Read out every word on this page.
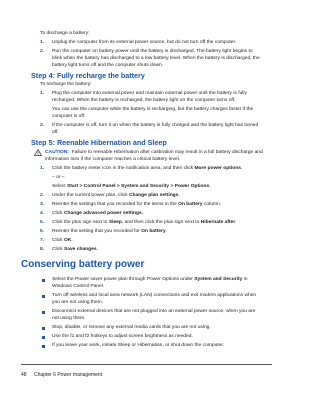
To discharge a battery:
1. Unplug the computer from its external power source, but do not turn off the computer.
2. Run the computer on battery power until the battery is discharged. The battery light begins to
blink when the battery has discharged to a low battery level. When the battery is discharged, the
battery light turns off and the computer shuts down.
Step 4: Fully recharge the battery
To recharge the battery:
1. Plug the computer into external power and maintain external power until the battery is fully
recharged. When the battery is recharged, the battery light on the computer turns off.
You can use the computer while the battery is recharging, but the battery charges faster if the
computer is off.
2. If the computer is off, turn it on when the battery is fully charged and the battery light has turned
off.
Step 5: Reenable Hibernation and Sleep
CAUTION: Failure to reenable Hibernation after calibration may result in a full battery discharge and
information loss if the computer reaches a critical battery level.
1. Click the battery meter icon in the notification area, and then click More power options.
– or –
Select Start > Control Panel > System and Security > Power Options.
2. Under the current power plan, click Change plan settings.
3. Reenter the settings that you recorded for the items in the On battery column.
4. Click Change advanced power settings.
5. Click the plus sign next to Sleep, and then click the plus sign next to Hibernate after.
6. Reenter the setting that you recorded for On battery.
7. Click OK.
8. Click Save changes.
Conserving battery power
Select the Power saver power plan through Power Options under System and Security in
Windows Control Panel.
Turn off wireless and local area network (LAN) connections and exit modem applications when
you are not using them.
Disconnect external devices that are not plugged into an external power source, when you are
not using them.
Stop, disable, or remove any external media cards that you are not using.
Use the f1 and f2 hotkeys to adjust screen brightness as needed.
If you leave your work, initiate Sleep or Hibernation, or shut down the computer.
48 Chapter 6 Power management
